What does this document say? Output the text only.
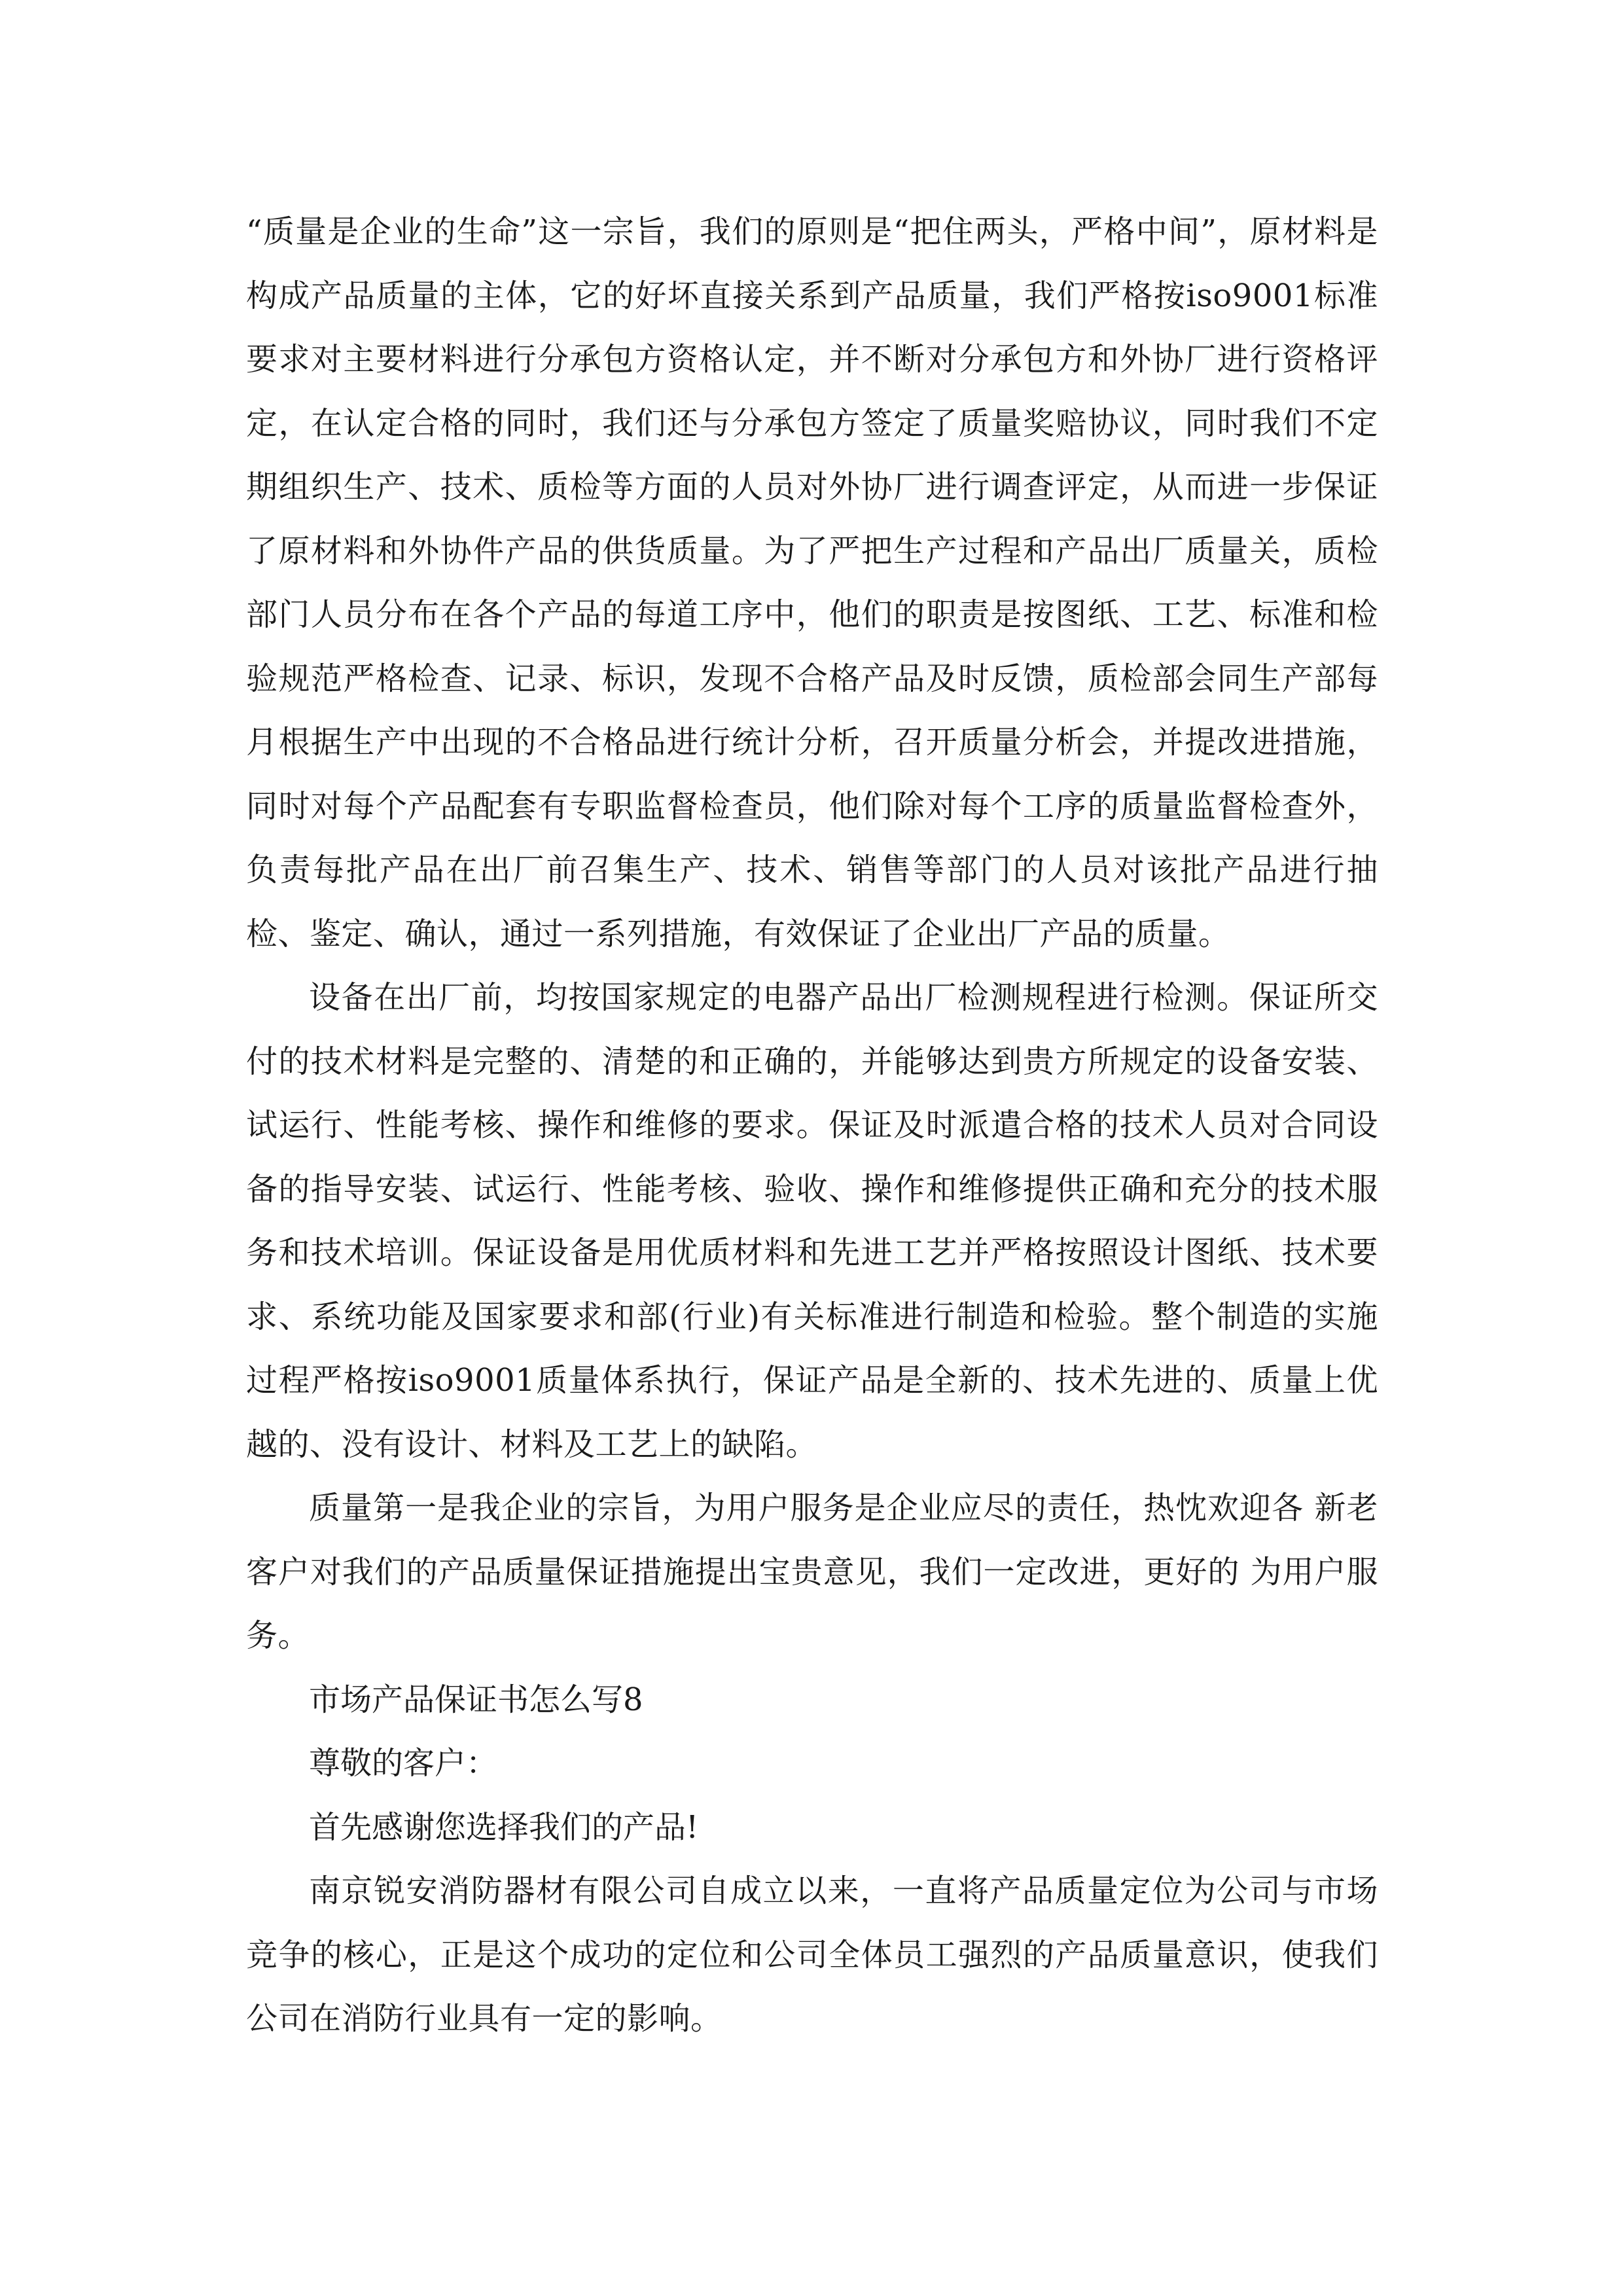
“质量是企业的生命”这一宗旨，我们的原则是“把住两头，严格中间”，原材料是构成产品质量的主体，它的好坏直接关系到产品质量，我们严格按iso9001标准要求对主要材料进行分承包方资格认定，并不断对分承包方和外协厂进行资格评定，在认定合格的同时，我们还与分承包方签定了质量奖赔协议，同时我们不定期组织生产、技术、质检等方面的人员对外协厂进行调查评定，从而进一步保证了原材料和外协件产品的供货质量。为了严把生产过程和产品出厂质量关，质检部门人员分布在各个产品的每道工序中，他们的职责是按图纸、工艺、标准和检验规范严格检查、记录、标识，发现不合格产品及时反馈，质检部会同生产部每月根据生产中出现的不合格品进行统计分析，召开质量分析会，并提改进措施，同时对每个产品配套有专职监督检查员，他们除对每个工序的质量监督检查外，负责每批产品在出厂前召集生产、技术、销售等部门的人员对该批产品进行抽检、鉴定、确认，通过一系列措施，有效保证了企业出厂产品的质量。

设备在出厂前，均按国家规定的电器产品出厂检测规程进行检测。保证所交付的技术材料是完整的、清楚的和正确的，并能够达到贵方所规定的设备安装、试运行、性能考核、操作和维修的要求。保证及时派遣合格的技术人员对合同设备的指导安装、试运行、性能考核、验收、操作和维修提供正确和充分的技术服务和技术培训。保证设备是用优质材料和先进工艺并严格按照设计图纸、技术要求、系统功能及国家要求和部(行业)有关标准进行制造和检验。整个制造的实施过程严格按iso9001质量体系执行，保证产品是全新的、技术先进的、质量上优越的、没有设计、材料及工艺上的缺陷。

质量第一是我企业的宗旨，为用户服务是企业应尽的责任，热忱欢迎各 新老客户对我们的产品质量保证措施提出宝贵意见，我们一定改进，更好的 为用户服务。

市场产品保证书怎么写8

尊敬的客户：

首先感谢您选择我们的产品!

南京锐安消防器材有限公司自成立以来，一直将产品质量定位为公司与市场竞争的核心，正是这个成功的定位和公司全体员工强烈的产品质量意识，使我们公司在消防行业具有一定的影响。
